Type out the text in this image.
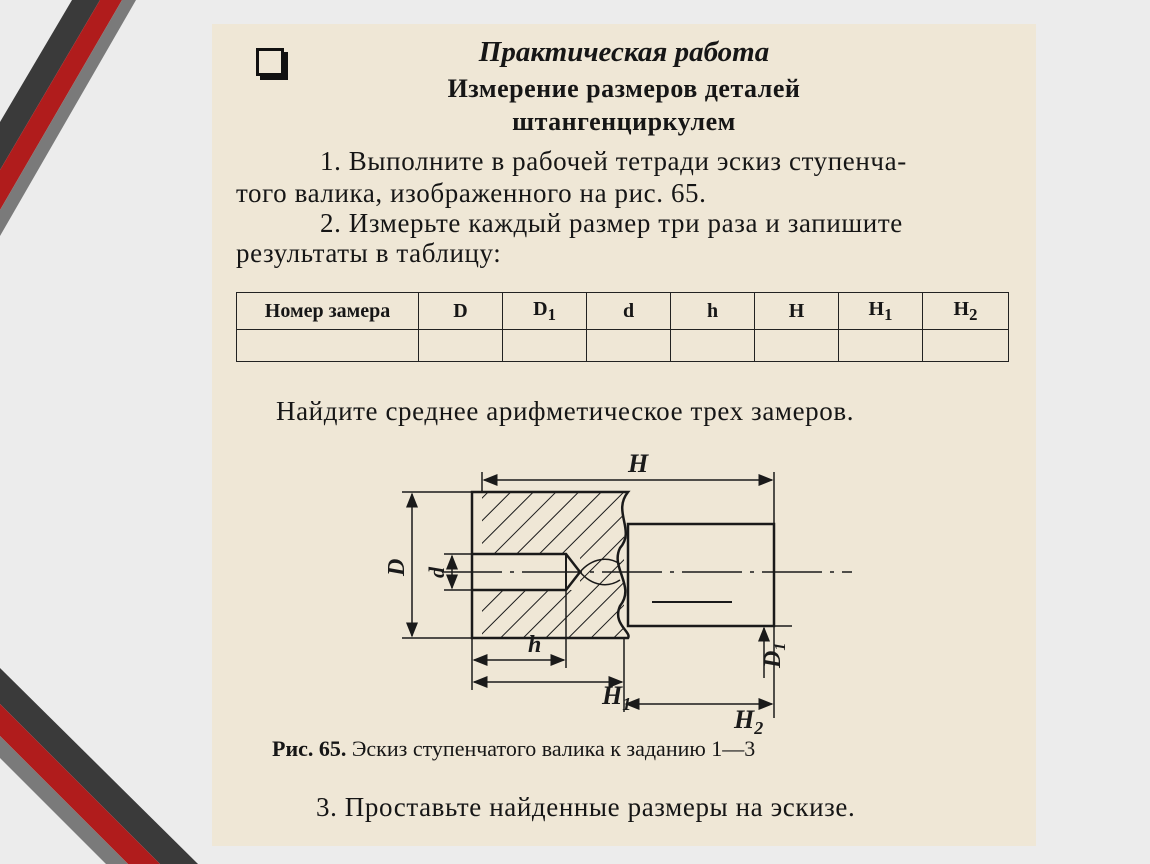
Практическая работа
Измерение размеров деталей
штангенциркулем
1. Выполните в рабочей тетради эскиз ступенча-
того валика, изображенного на рис. 65.
2. Измерьте каждый размер три раза и запишите
результаты в таблицу:
Номер замера	D	$D_1$	d	h	H	$H_1$	$H_2$

Найдите среднее арифметическое трех замеров.
H
D d
h
$H_1$
$H_2$
$D_1$
Рис. 65. Эскиз ступенчатого валика к заданию 1—3
3. Проставьте найденные размеры на эскизе.
